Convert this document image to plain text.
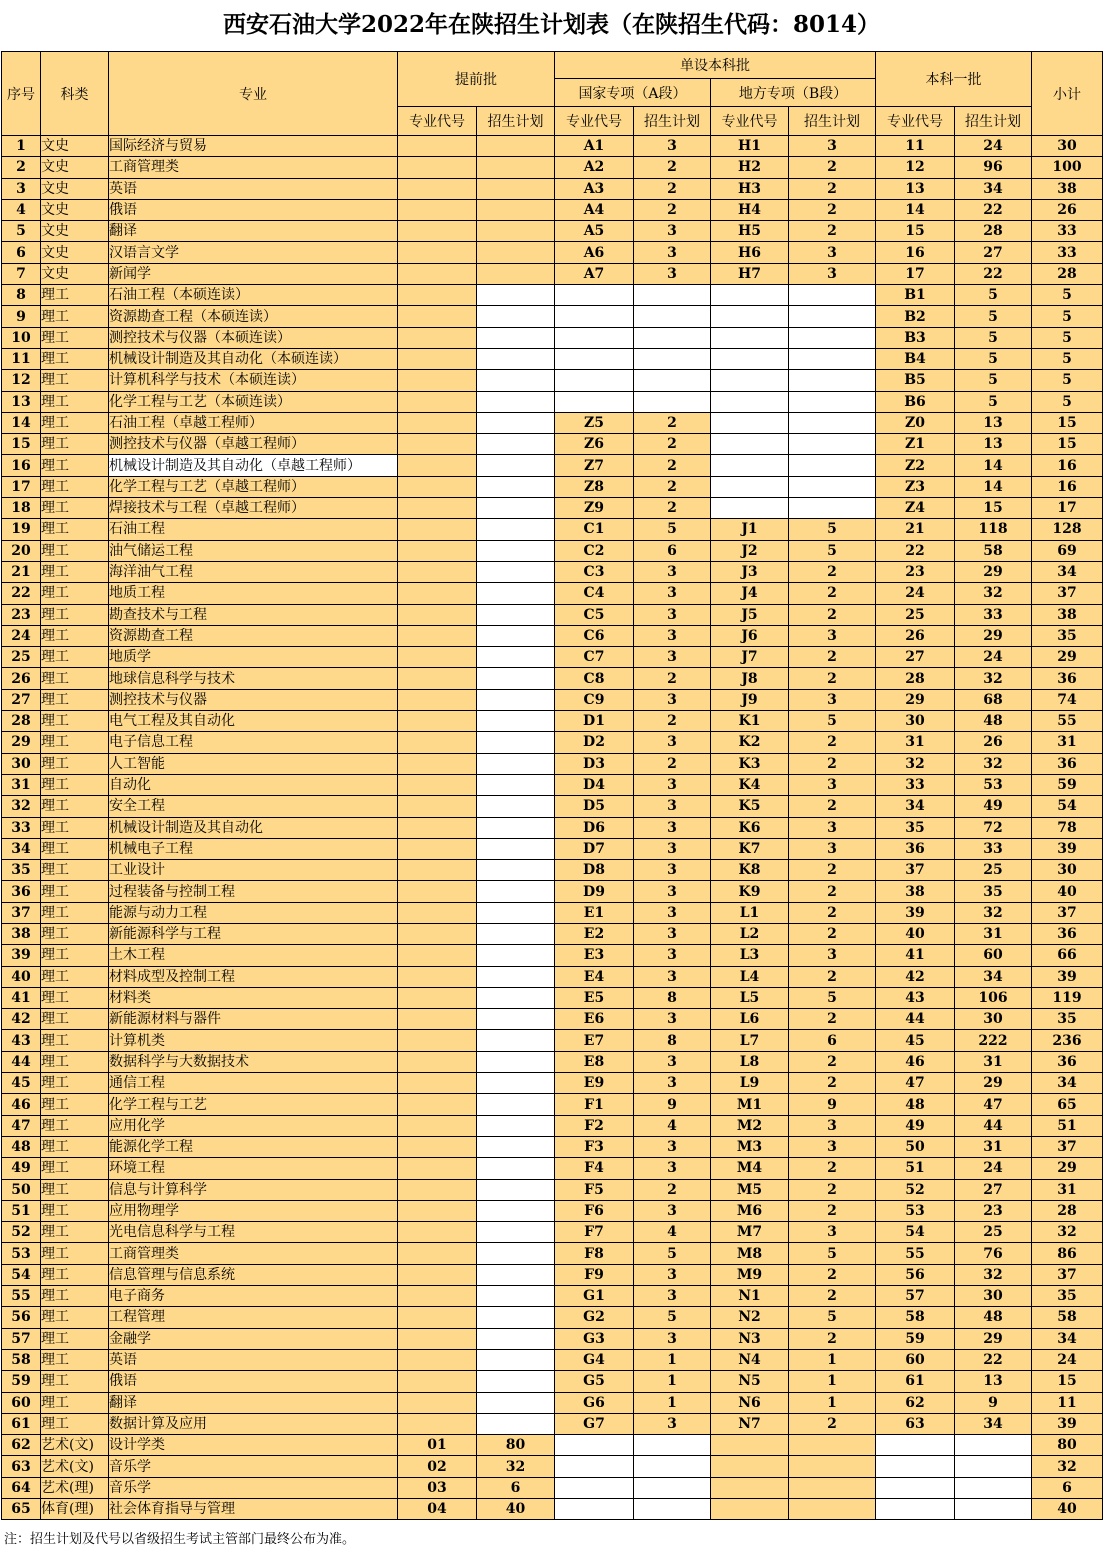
西安石油大学2022年在陕招生计划表（在陕招生代码：8014）
序号	科类	专业	提前批		单设本科批				本科一批		小计
					国家专项（A段）		地方专项（B段）				
			专业代号	招生计划	专业代号	招生计划	专业代号	招生计划	专业代号	招生计划	
1	文史	国际经济与贸易			A1	3	H1	3	11	24	30
2	文史	工商管理类			A2	2	H2	2	12	96	100
3	文史	英语			A3	2	H3	2	13	34	38
4	文史	俄语			A4	2	H4	2	14	22	26
5	文史	翻译			A5	3	H5	2	15	28	33
6	文史	汉语言文学			A6	3	H6	3	16	27	33
7	文史	新闻学			A7	3	H7	3	17	22	28
8	理工	石油工程（本硕连读）							B1	5	5
9	理工	资源勘查工程（本硕连读）							B2	5	5
10	理工	测控技术与仪器（本硕连读）							B3	5	5
11	理工	机械设计制造及其自动化（本硕连读）							B4	5	5
12	理工	计算机科学与技术（本硕连读）							B5	5	5
13	理工	化学工程与工艺（本硕连读）							B6	5	5
14	理工	石油工程（卓越工程师）			Z5	2			Z0	13	15
15	理工	测控技术与仪器（卓越工程师）			Z6	2			Z1	13	15
16	理工	机械设计制造及其自动化（卓越工程师）			Z7	2			Z2	14	16
17	理工	化学工程与工艺（卓越工程师）			Z8	2			Z3	14	16
18	理工	焊接技术与工程（卓越工程师）			Z9	2			Z4	15	17
19	理工	石油工程			C1	5	J1	5	21	118	128
20	理工	油气储运工程			C2	6	J2	5	22	58	69
21	理工	海洋油气工程			C3	3	J3	2	23	29	34
22	理工	地质工程			C4	3	J4	2	24	32	37
23	理工	勘查技术与工程			C5	3	J5	2	25	33	38
24	理工	资源勘查工程			C6	3	J6	3	26	29	35
25	理工	地质学			C7	3	J7	2	27	24	29
26	理工	地球信息科学与技术			C8	2	J8	2	28	32	36
27	理工	测控技术与仪器			C9	3	J9	3	29	68	74
28	理工	电气工程及其自动化			D1	2	K1	5	30	48	55
29	理工	电子信息工程			D2	3	K2	2	31	26	31
30	理工	人工智能			D3	2	K3	2	32	32	36
31	理工	自动化			D4	3	K4	3	33	53	59
32	理工	安全工程			D5	3	K5	2	34	49	54
33	理工	机械设计制造及其自动化			D6	3	K6	3	35	72	78
34	理工	机械电子工程			D7	3	K7	3	36	33	39
35	理工	工业设计			D8	3	K8	2	37	25	30
36	理工	过程装备与控制工程			D9	3	K9	2	38	35	40
37	理工	能源与动力工程			E1	3	L1	2	39	32	37
38	理工	新能源科学与工程			E2	3	L2	2	40	31	36
39	理工	土木工程			E3	3	L3	3	41	60	66
40	理工	材料成型及控制工程			E4	3	L4	2	42	34	39
41	理工	材料类			E5	8	L5	5	43	106	119
42	理工	新能源材料与器件			E6	3	L6	2	44	30	35
43	理工	计算机类			E7	8	L7	6	45	222	236
44	理工	数据科学与大数据技术			E8	3	L8	2	46	31	36
45	理工	通信工程			E9	3	L9	2	47	29	34
46	理工	化学工程与工艺			F1	9	M1	9	48	47	65
47	理工	应用化学			F2	4	M2	3	49	44	51
48	理工	能源化学工程			F3	3	M3	3	50	31	37
49	理工	环境工程			F4	3	M4	2	51	24	29
50	理工	信息与计算科学			F5	2	M5	2	52	27	31
51	理工	应用物理学			F6	3	M6	2	53	23	28
52	理工	光电信息科学与工程			F7	4	M7	3	54	25	32
53	理工	工商管理类			F8	5	M8	5	55	76	86
54	理工	信息管理与信息系统			F9	3	M9	2	56	32	37
55	理工	电子商务			G1	3	N1	2	57	30	35
56	理工	工程管理			G2	5	N2	5	58	48	58
57	理工	金融学			G3	3	N3	2	59	29	34
58	理工	英语			G4	1	N4	1	60	22	24
59	理工	俄语			G5	1	N5	1	61	13	15
60	理工	翻译			G6	1	N6	1	62	9	11
61	理工	数据计算及应用			G7	3	N7	2	63	34	39
62	艺术(文)	设计学类	01	80							80
63	艺术(文)	音乐学	02	32							32
64	艺术(理)	音乐学	03	6							6
65	体育(理)	社会体育指导与管理	04	40							40
注：招生计划及代号以省级招生考试主管部门最终公布为准。
